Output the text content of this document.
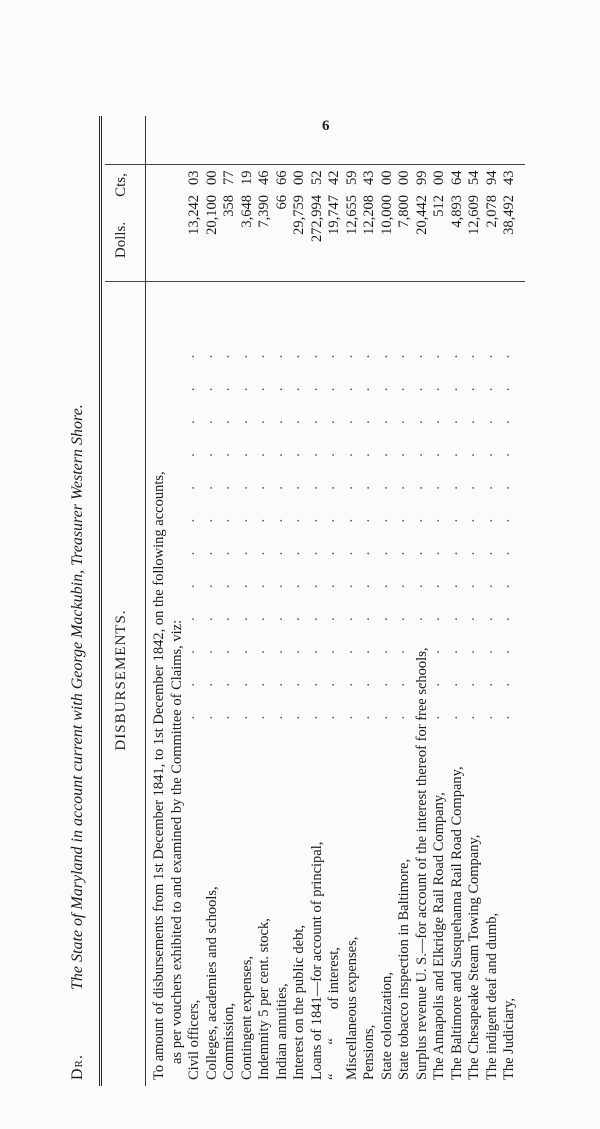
6
Dr.
The State of Maryland in account current with George Mackubin, Treasurer Western Shore. DISBURSEMENTS.
Dolls.
Cts,
To amount of disbursements from 1st December 1841, to 1st December 1842, on the following accounts, as per vouchers exhibited to and examined by the Committee of Claims, viz: Civil officers,
············
13,242
03
Colleges, academies and schools,
············
20,100
00
Commission,
············
358
77
Contingent expenses,
············
3,648
19
Indemnity 5 per cent. stock,
············
7,390
46
Indian annuities,
············
66
66
Interest on the public debt,
············
29,759
00
Loans of 1841—for account of principal,
············
272,994
52
“        “        of interest,
············
19,747
42
Miscellaneous expenses,
············
12,655
59
Pensions,
············
12,208
43
State colonization,
············
10,000
00
State tobacco inspection in Baltimore,
············
7,800
00
Surplus revenue U. S.—for account of the interest thereof for free schools,
············
20,442
99
The Annapolis and Elkridge Rail Road Company,
············
512
00
The Baltimore and Susquehanna Rail Road Company,
············
4,893
64
The Chesapeake Steam Towing Company,
············
12,609
54
The indigent deaf and dumb,
············
2,078
94
The Judiciary,
············
38,492
43
